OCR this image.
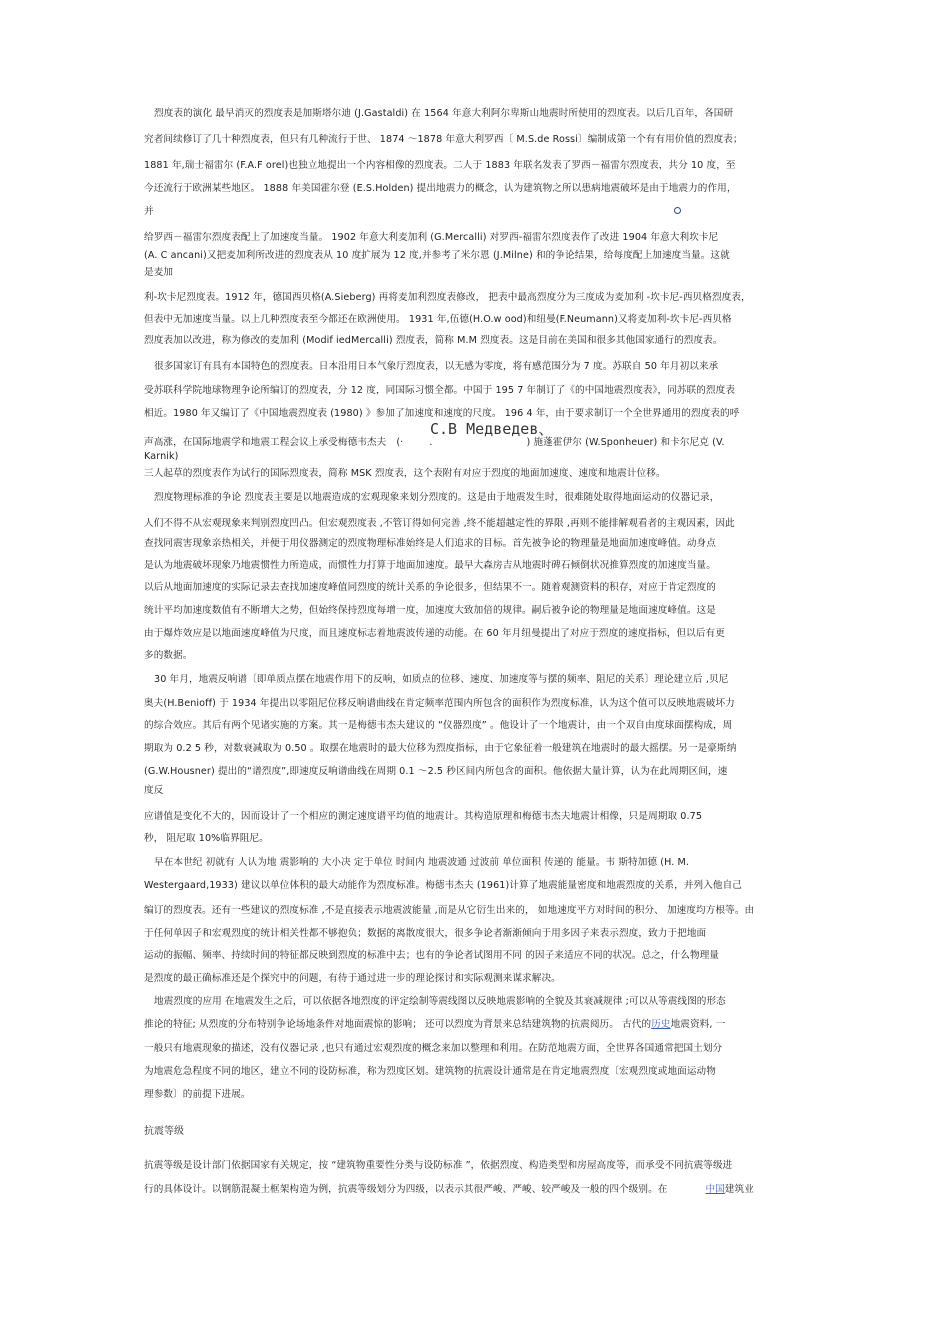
烈度表的演化 最早消灭的烈度表是加斯塔尔迪 (J.Gastaldi) 在 1564 年意大利阿尔卑斯山地震时所使用的烈度表。以后几百年，各国研
究者间续修订了几十种烈度表，但只有几种流行于世、 1874 ～1878 年意大利罗西〔 M.S.de Rossi〕编制成第一个有有用价值的烈度表；
1881 年,瑞士福雷尔 (F.A.F orel)也独立地提出一个内容相像的烈度表。二人于 1883 年联名发表了罗西－福雷尔烈度表，共分 10 度，至
今还流行于欧洲某些地区。 1888 年美国霍尔登 (E.S.Holden) 提出地震力的概念，认为建筑物之所以患病地震破坏是由于地震力的作用，
并
给罗西－福雷尔烈度表配上了加速度当量。 1902 年意大利麦加利 (G.Mercalli) 对罗西-福雷尔烈度表作了改进 1904 年意大利坎卡尼
(A. C ancani)又把麦加利所改进的烈度表从 10 度扩展为 12 度,并参考了米尔恩 (J.Milne) 和的争论结果，给每度配上加速度当量。这就
是麦加
利-坎卡尼烈度表。1912 年，德国西贝格(A.Sieberg) 再将麦加利烈度表修改， 把表中最高烈度分为三度成为麦加利 -坎卡尼-西贝格烈度表，
但表中无加速度当量。以上几种烈度表至今都还在欧洲使用。 1931 年,伍德(H.O.w ood)和纽曼(F.Neumann)又将麦加利-坎卡尼-西贝格
烈度表加以改进，称为修改的麦加利 (Modif iedMercalli) 烈度表，简称 M.M 烈度表。这是目前在美国和很多其他国家通行的烈度表。
很多国家订有具有本国特色的烈度表。日本沿用日本气象厅烈度表，以无感为零度，将有感范围分为 7 度。苏联自 50 年月初以来承
受苏联科学院地球物理争论所编订的烈度表，分 12 度，同国际习惯全都。中国于 195 7 年制订了《的中国地震烈度表》，同苏联的烈度表
相近。1980 年又编订了《中国地震烈度表 (1980) 》参加了加速度和速度的尺度。 196 4 年，由于要求制订一个全世界通用的烈度表的呼
声高涨，在国际地震学和地震工程会议上承受梅德韦杰夫 (·	.	) 施蓬霍伊尔 (W.Sponheuer) 和卡尔尼克 (V.
С.В Медведев、
Karnik)
三人起草的烈度表作为试行的国际烈度表，简称 MSK 烈度表，这个表附有对应于烈度的地面加速度、速度和地震计位移。
烈度物理标准的争论 烈度表主要是以地震造成的宏观现象来划分烈度的。这是由于地震发生时，很难随处取得地面运动的仪器记录，
人们不得不从宏观现象来判别烈度凹凸。但宏观烈度表 ,不管订得如何完善 ,终不能超越定性的界限 ,再则不能排解观看者的主观因素，因此
查找同震害现象亲热相关，并便于用仪器测定的烈度物理标准始终是人们追求的目标。首先被争论的物理量是地面加速度峰值。动身点
是认为地震破坏现象乃地震惯性力所造成，而惯性力打算于地面加速度。最早大森房吉从地震时碑石倾倒状况推算烈度的加速度当量。
以后从地面加速度的实际记录去查找加速度峰值同烈度的统计关系的争论很多，但结果不一。随着观测资料的积存，对应于肯定烈度的
统计平均加速度数值有不断增大之势，但始终保持烈度每增一度，加速度大致加倍的规律。嗣后被争论的物理量是地面速度峰值。这是
由于爆炸效应是以地面速度峰值为尺度，而且速度标志着地震波传递的动能。在 60 年月纽曼提出了对应于烈度的速度指标，但以后有更
多的数据。
30 年月，地震反响谱〔即单质点摆在地震作用下的反响，如质点的位移、速度、加速度等与摆的频率、阻尼的关系〕理论建立后 ,贝尼
奥夫(H.Benioff) 于 1934 年提出以零阻尼位移反响谱曲线在肯定频率范围内所包含的面积作为烈度标准，认为这个值可以反映地震破坏力
的综合效应。其后有两个见诸实施的方案。其一是梅德韦杰夫建议的 “仪器烈度” 。他设计了一个地震计，由一个双自由度球面摆构成，周
期取为 0.2 5 秒，对数衰减取为 0.50 。取摆在地震时的最大位移为烈度指标，由于它象征着一般建筑在地震时的最大摇摆。另一是豪斯纳
(G.W.Housner) 提出的“谱烈度”,即速度反响谱曲线在周期 0.1 ～2.5 秒区间内所包含的面积。他依据大量计算，认为在此周期区间，速
度反
应谱值是变化不大的，因而设计了一个相应的测定速度谱平均值的地震计。其构造原理和梅德韦杰夫地震计相像，只是周期取 0.75
秒， 阻尼取 10%临界阻尼。
早在本世纪 初就有 人认为地 震影响的 大小决 定于单位 时间内 地震波通 过波前 单位面积 传递的 能量。韦 斯特加德 (H. M.
Westergaard,1933) 建议以单位体积的最大动能作为烈度标准。梅德韦杰夫 (1961)计算了地震能量密度和地震烈度的关系，并列入他自己
编订的烈度表。还有一些建议的烈度标准 ,不是直接表示地震波能量 ,而是从它衍生出来的， 如地速度平方对时间的积分、 加速度均方根等。由
于任何单因子和宏观烈度的统计相关性都不够抱负；数据的离散度很大，很多争论者渐渐倾向于用多因子来表示烈度，致力于把地面
运动的振幅、频率、持续时间的特征都反映到烈度的标准中去；也有的争论者试图用不同 的因子来适应不同的状况。总之，什么物理量
是烈度的最正确标准还是个探究中的问题，有待于通过进一步的理论探讨和实际观测来谋求解决。
地震烈度的应用 在地震发生之后，可以依据各地烈度的评定绘制等震线图以反映地震影响的全貌及其衰减规律 ;可以从等震线图的形态
推论的特征; 从烈度的分布特别争论场地条件对地面震惊的影响； 还可以烈度为背景来总结建筑物的抗震阅历。 古代的历史地震资料, 一
一般只有地震现象的描述，没有仪器记录 ,也只有通过宏观烈度的概念来加以整理和利用。在防范地震方面，全世界各国通常把国土划分
为地震危急程度不同的地区，建立不同的设防标准，称为烈度区划。建筑物的抗震设计通常是在肯定地震烈度〔宏观烈度或地面运动物
理参数〕的前提下进展。
抗震等级
抗震等级是设计部门依据国家有关规定，按 “建筑物重要性分类与设防标准 ”，依据烈度、构造类型和房屋高度等，而承受不同抗震等级进
行的具体设计。以钢筋混凝土框架构造为例，抗震等级划分为四级，以表示其很严峻、严峻、较严峻及一般的四个级别。在	中国建筑业
